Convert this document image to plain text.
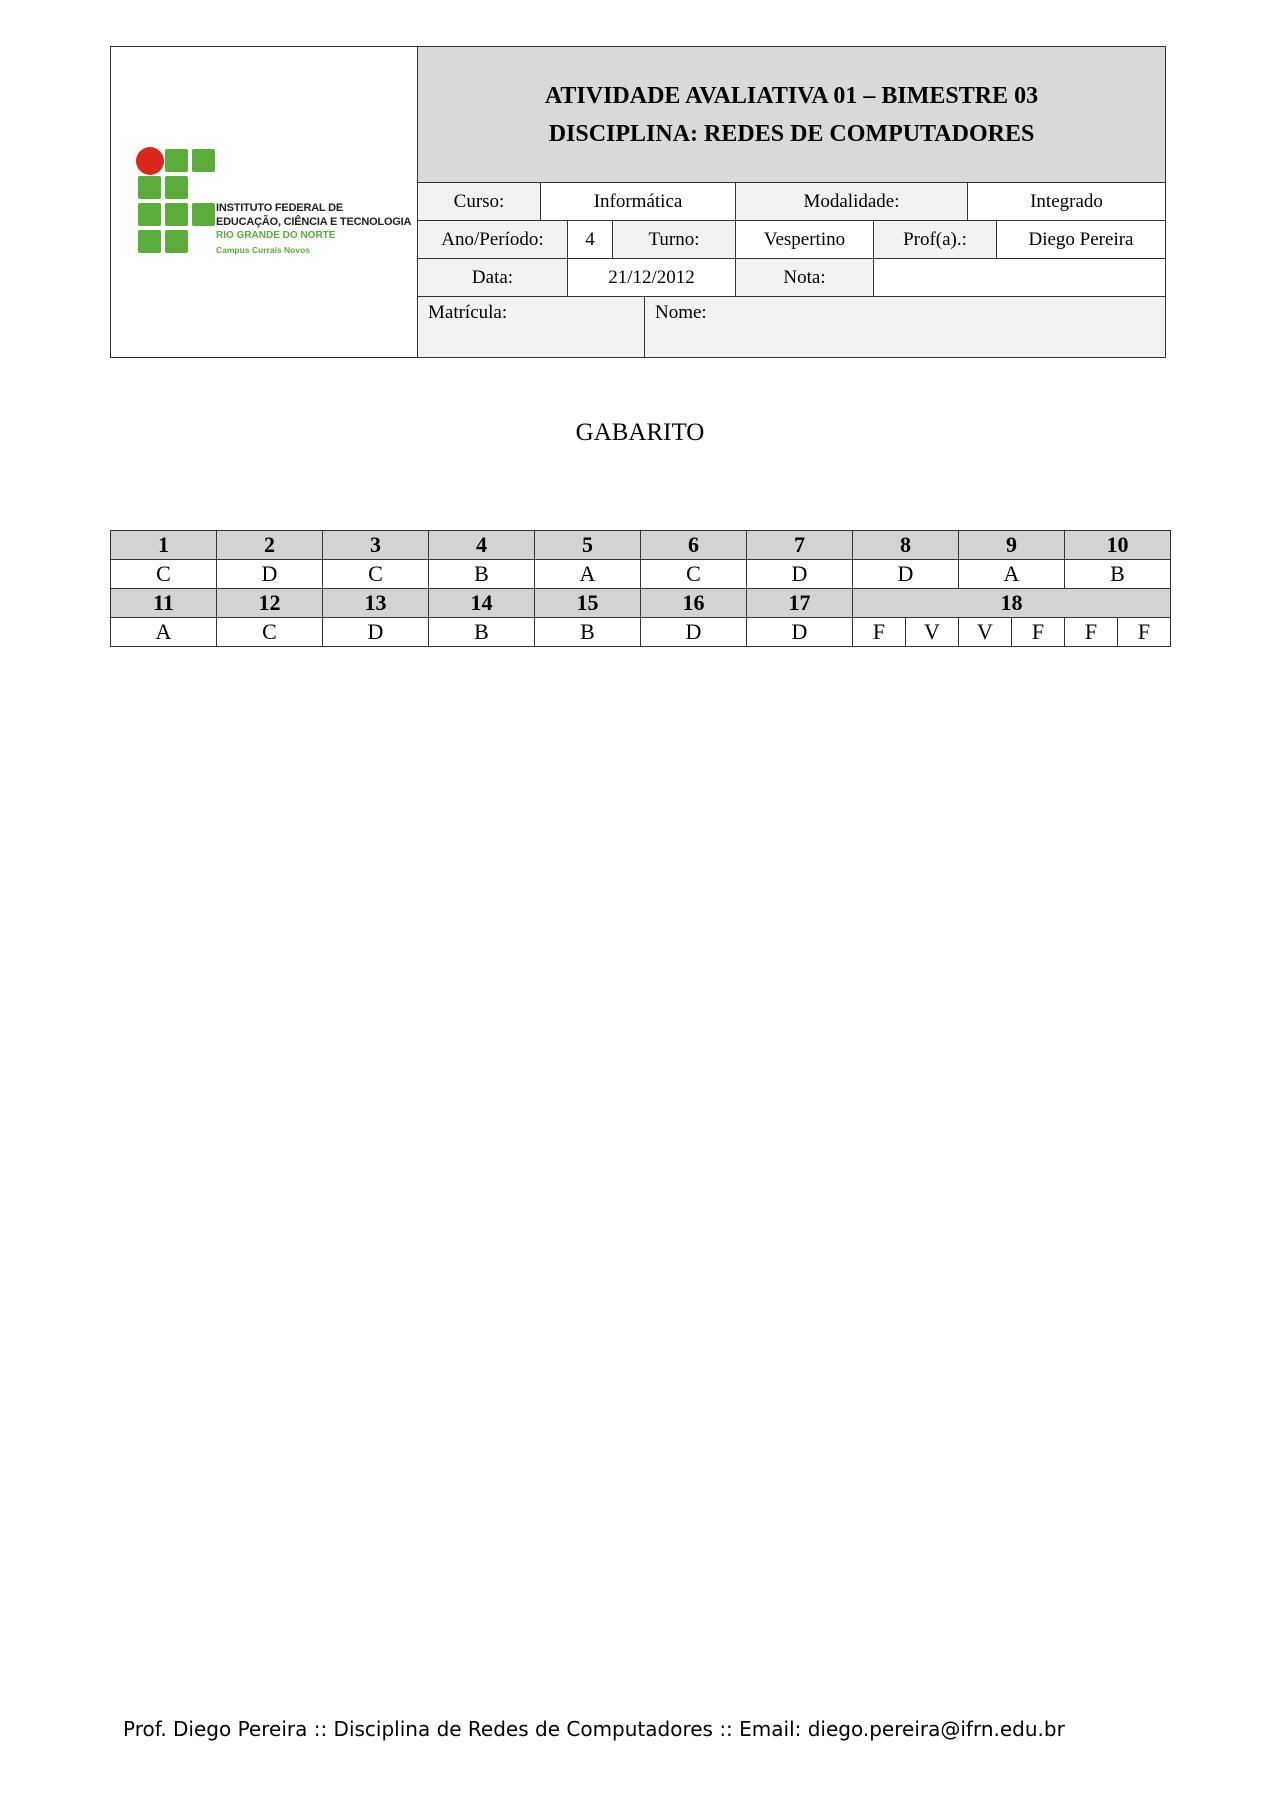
INSTITUTO FEDERAL DE
EDUCAÇÃO, CIÊNCIA E TECNOLOGIA
RIO GRANDE DO NORTE
Campus Currais Novos
ATIVIDADE AVALIATIVA 01 – BIMESTRE 03
DISCIPLINA: REDES DE COMPUTADORES
Curso:	Informática	Modalidade:	Integrado
Ano/Período:	4	Turno:	Vespertino	Prof(a).:	Diego Pereira
Data:	21/12/2012	Nota:
Matrícula:	Nome:
GABARITO
1	2	3	4	5	6	7	8		9		10	
C	D	C	B	A	C	D	D		A		B	
11	12	13	14	15	16	17	18					
A	C	D	B	B	D	D	F	V	V	F	F	F
Prof. Diego Pereira :: Disciplina de Redes de Computadores :: Email: diego.pereira@ifrn.edu.br
